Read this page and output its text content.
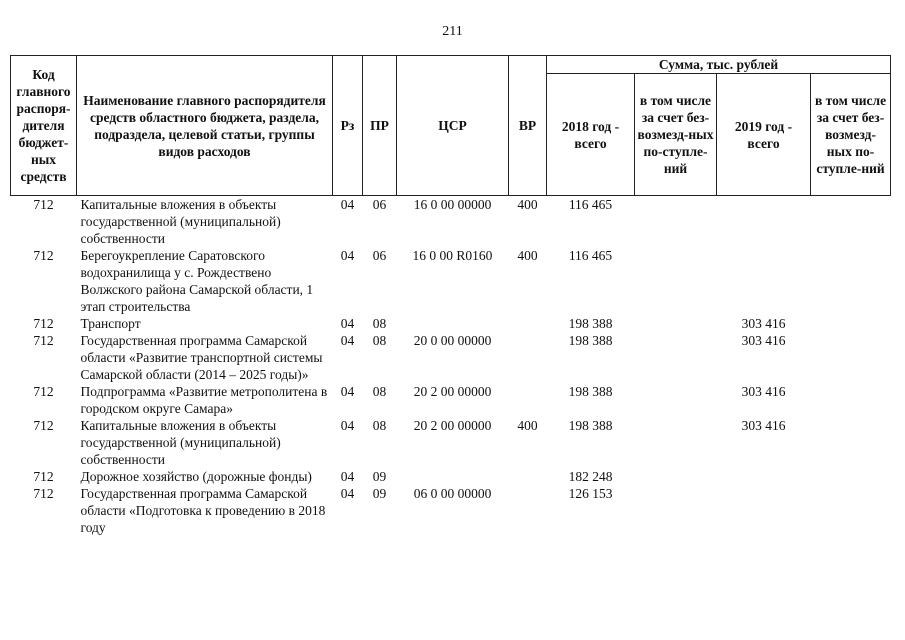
211
Код главного распоря-дителя бюджет-ных средств	Наименование главного распорядителя средств областного бюджета, раздела, подраздела, целевой статьи, группы видов расходов	Рз	ПР	ЦСР	ВР	Сумма, тыс. рублей			
						2018 год - всего	в том числе за счет без-возмезд-ных по-ступле-ний	2019 год - всего	в том числе за счет без-возмезд-ных по-ступле-ний
712	Капитальные вложения в объекты государственной (муниципальной) собственности	04	06	16 0 00 00000	400	116 465			
712	Берегоукрепление Саратовского водохранилища у с. Рождествено Волжского района Самарской области, 1 этап строительства	04	06	16 0 00 R0160	400	116 465			
712	Транспорт	04	08			198 388		303 416	
712	Государственная программа Самарской области «Развитие транспортной системы Самарской области (2014 – 2025 годы)»	04	08	20 0 00 00000		198 388		303 416	
712	Подпрограмма «Развитие метрополитена в городском округе Самара»	04	08	20 2 00 00000		198 388		303 416	
712	Капитальные вложения в объекты государственной (муниципальной) собственности	04	08	20 2 00 00000	400	198 388		303 416	
712	Дорожное хозяйство (дорожные фонды)	04	09			182 248			
712	Государственная программа Самарской области «Подготовка к проведению в 2018 году	04	09	06 0 00 00000		126 153			
